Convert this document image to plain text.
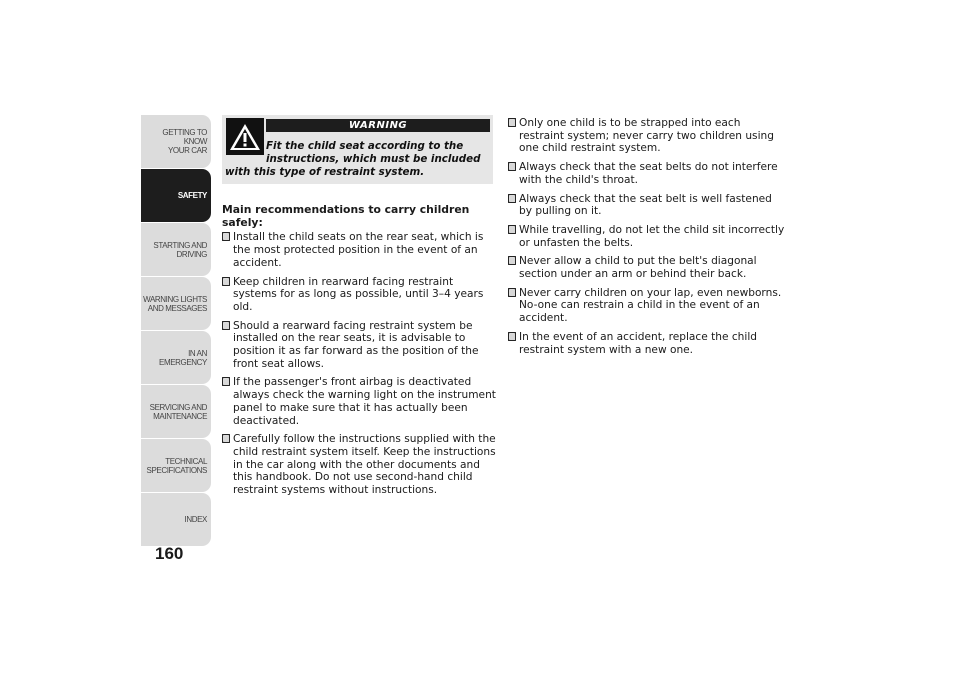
GETTING TO KNOW
YOUR CAR
SAFETY
STARTING AND
DRIVING
WARNING LIGHTS
AND MESSAGES
IN AN EMERGENCY
SERVICING AND
MAINTENANCE
TECHNICAL
SPECIFICATIONS
INDEX
160
WARNING
Fit the child seat according to the
instructions, which must be included
with this type of restraint system.
Main recommendations to carry children safely:
Install the child seats on the rear seat, which is the most protected position in the event of an accident.
Keep children in rearward facing restraint systems for as long as possible, until 3–4 years old.
Should a rearward facing restraint system be installed on the rear seats, it is advisable to position it as far forward as the position of the front seat allows.
If the passenger's front airbag is deactivated always check the warning light on the instrument panel to make sure that it has actually been deactivated.
Carefully follow the instructions supplied with the child restraint system itself. Keep the instructions in the car along with the other documents and this handbook. Do not use second-hand child restraint systems without instructions.
Only one child is to be strapped into each restraint system; never carry two children using one child restraint system.
Always check that the seat belts do not interfere with the child's throat.
Always check that the seat belt is well fastened by pulling on it.
While travelling, do not let the child sit incorrectly or unfasten the belts.
Never allow a child to put the belt's diagonal section under an arm or behind their back.
Never carry children on your lap, even newborns. No-one can restrain a child in the event of an accident.
In the event of an accident, replace the child restraint system with a new one.
